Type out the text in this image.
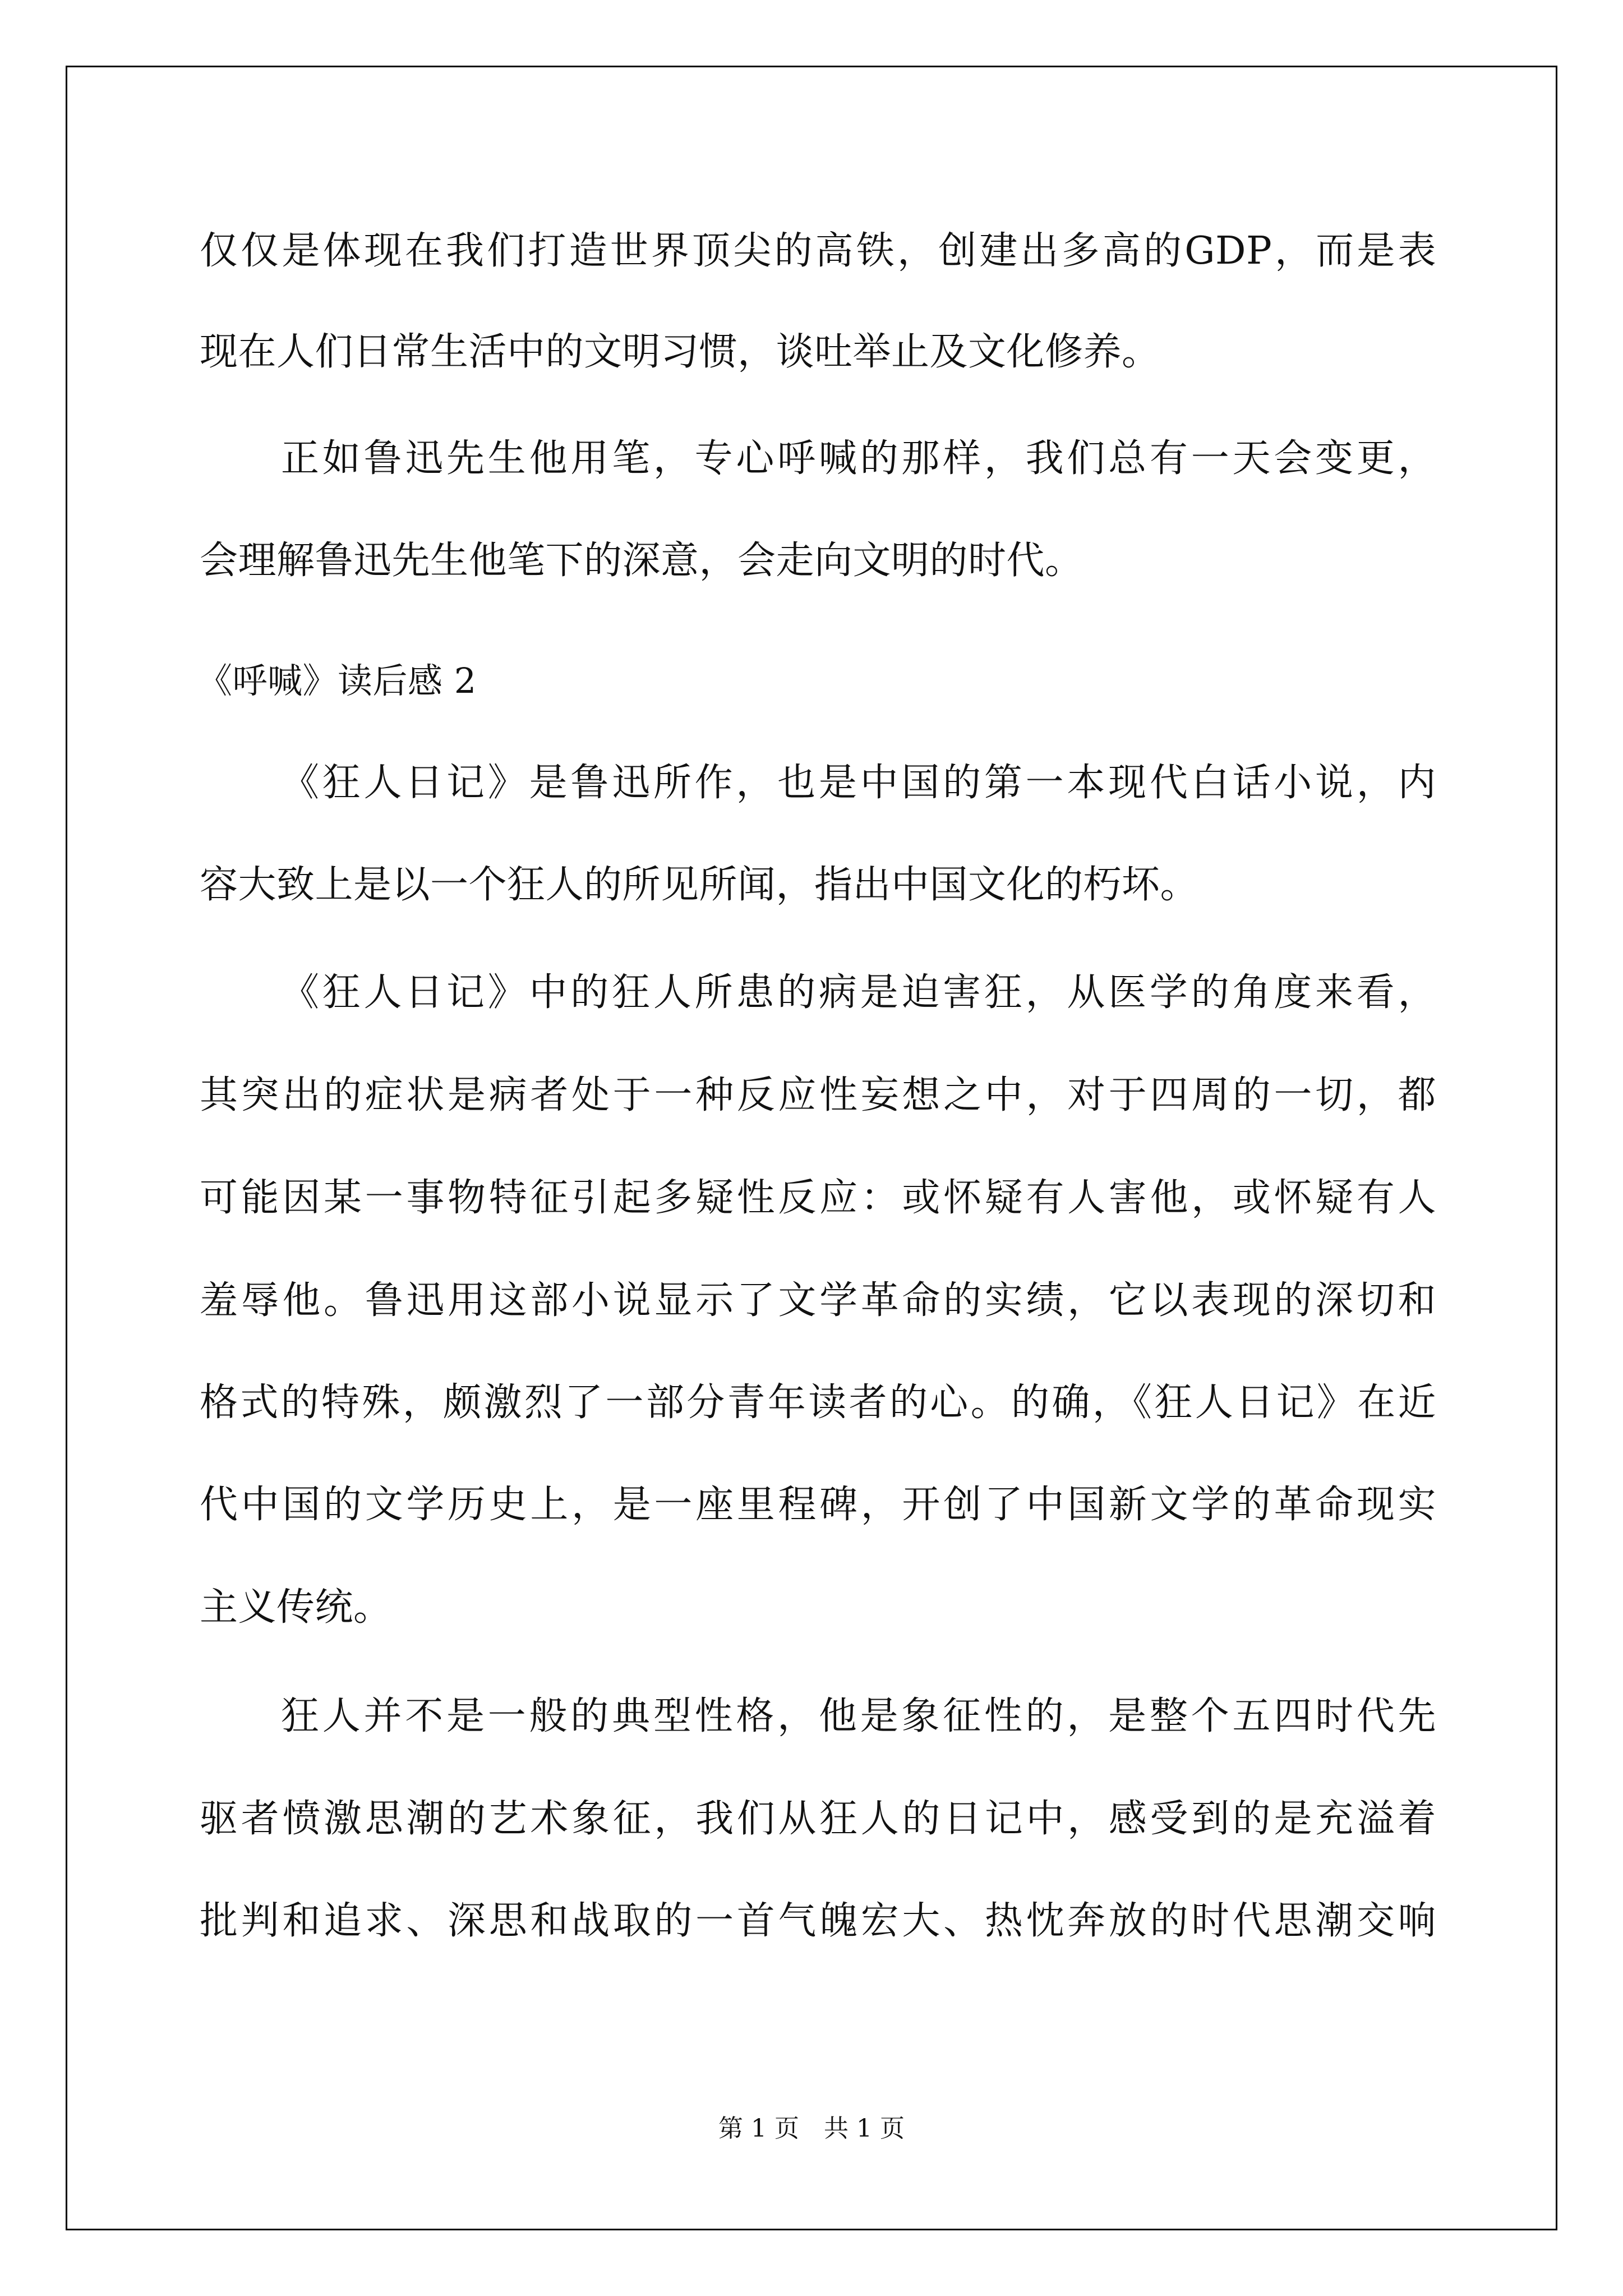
仅仅是体现在我们打造世界顶尖的高铁，创建出多高的GDP，而是表
现在人们日常生活中的文明习惯，谈吐举止及文化修养。
正如鲁迅先生他用笔，专心呼喊的那样，我们总有一天会变更，
会理解鲁迅先生他笔下的深意，会走向文明的时代。
《呼喊》读后感 2
《狂人日记》是鲁迅所作，也是中国的第一本现代白话小说，内
容大致上是以一个狂人的所见所闻，指出中国文化的朽坏。
《狂人日记》中的狂人所患的病是迫害狂，从医学的角度来看，
其突出的症状是病者处于一种反应性妄想之中，对于四周的一切，都
可能因某一事物特征引起多疑性反应：或怀疑有人害他，或怀疑有人
羞辱他。鲁迅用这部小说显示了文学革命的实绩，它以表现的深切和
格式的特殊，颇激烈了一部分青年读者的心。的确，《狂人日记》在近
代中国的文学历史上，是一座里程碑，开创了中国新文学的革命现实
主义传统。
狂人并不是一般的典型性格，他是象征性的，是整个五四时代先
驱者愤激思潮的艺术象征，我们从狂人的日记中，感受到的是充溢着
批判和追求、深思和战取的一首气魄宏大、热忱奔放的时代思潮交响
第 1 页　共 1 页
